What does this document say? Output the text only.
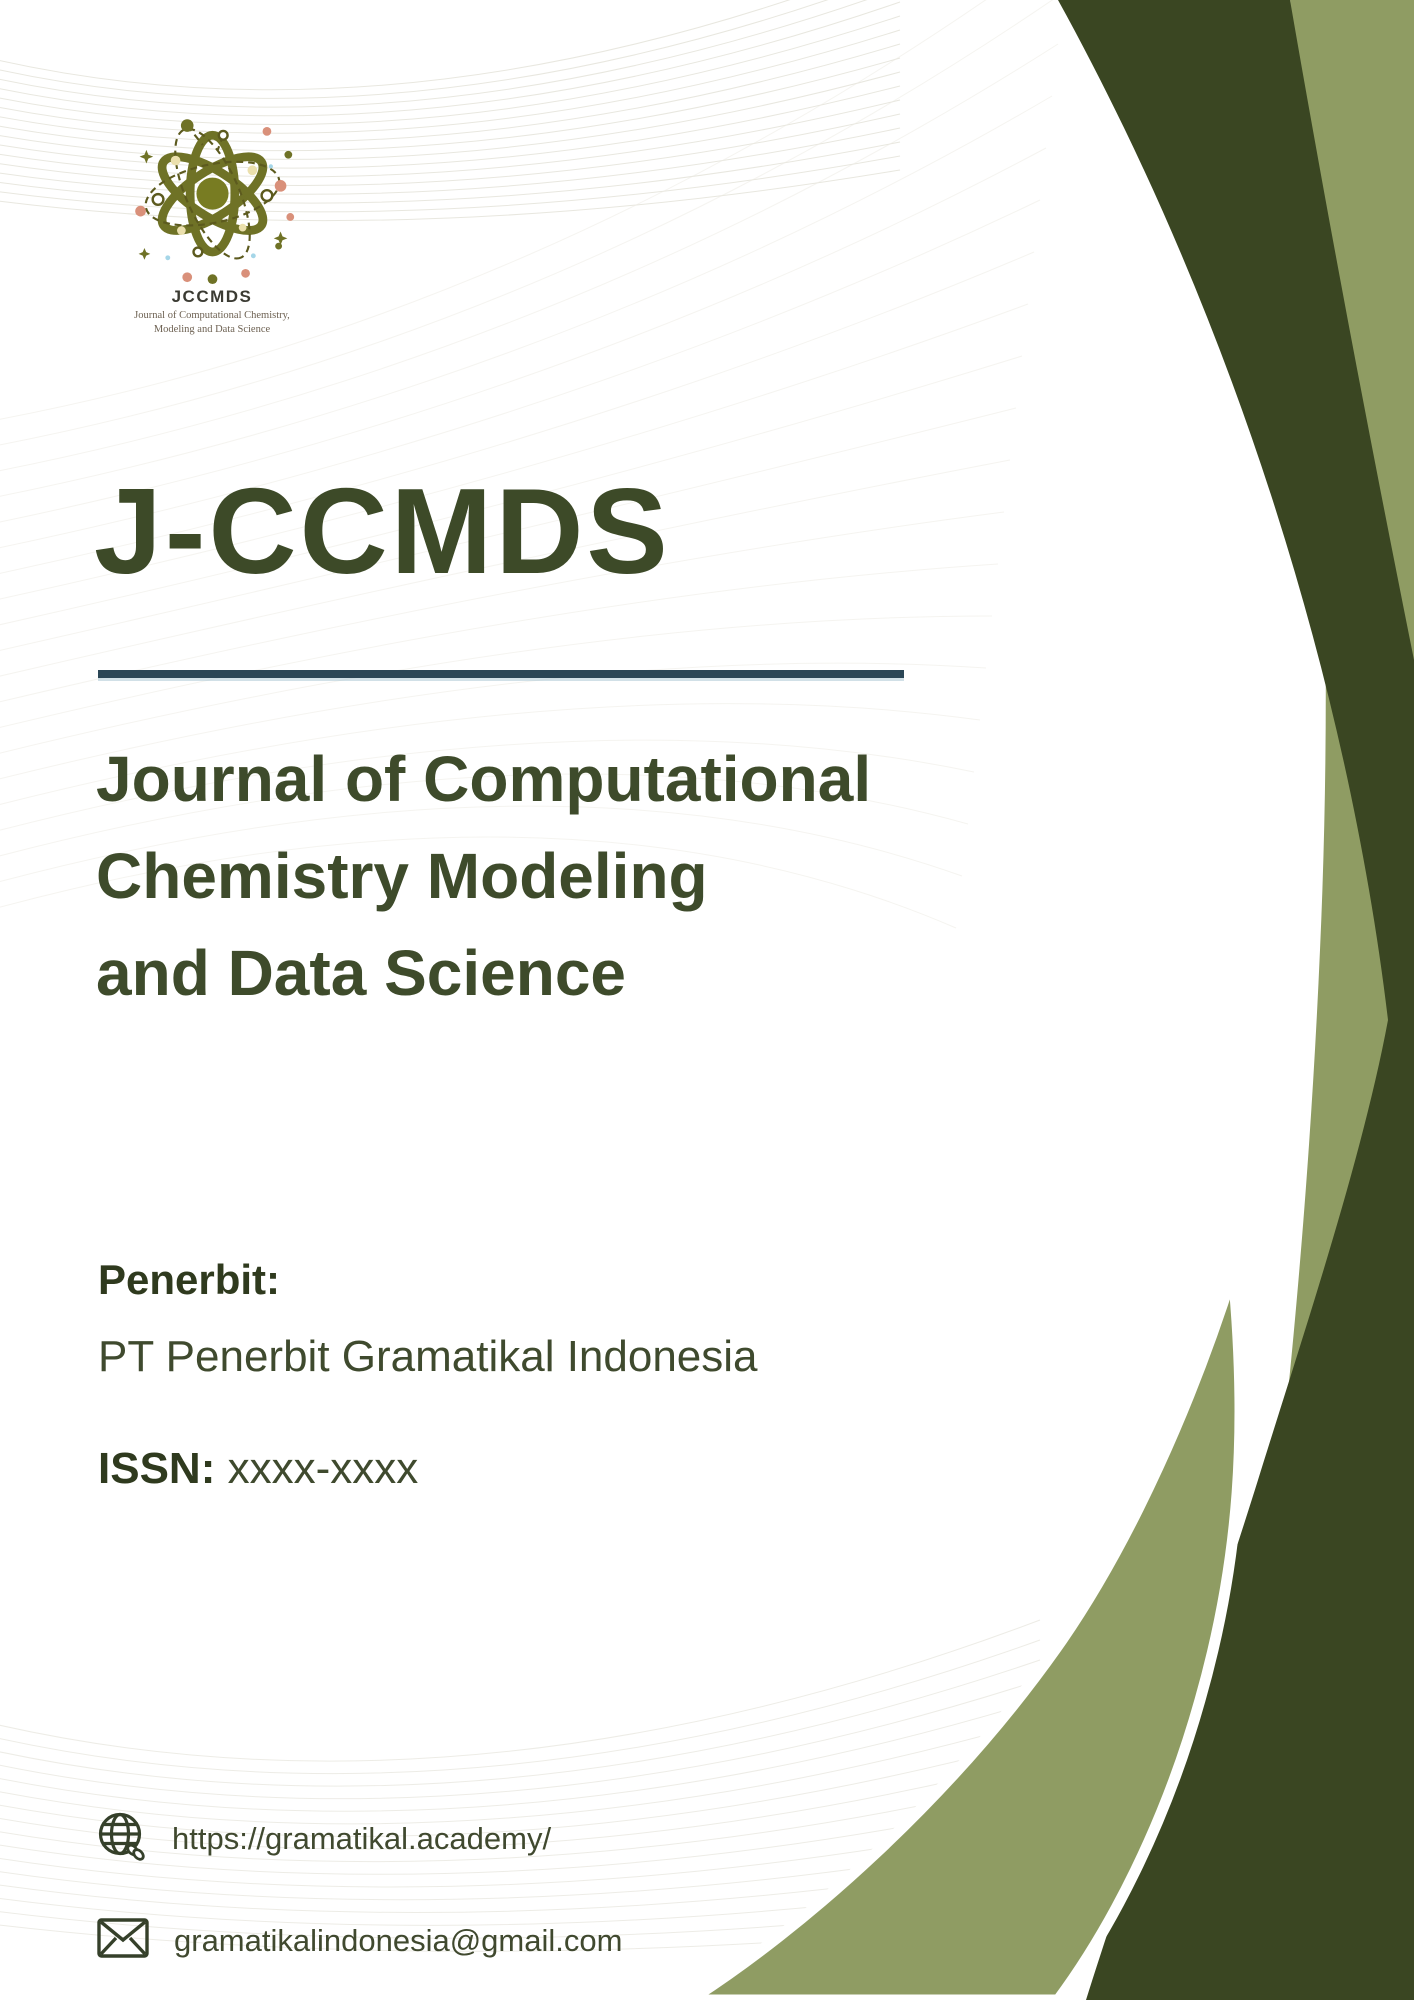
JCCMDS
Journal of Computational Chemistry,
Modeling and Data Science
J-CCMDS
Journal of Computational
Chemistry Modeling
and Data Science
Penerbit:
PT Penerbit Gramatikal Indonesia
ISSN: xxxx-xxxx
https://gramatikal.academy/
gramatikalindonesia@gmail.com
